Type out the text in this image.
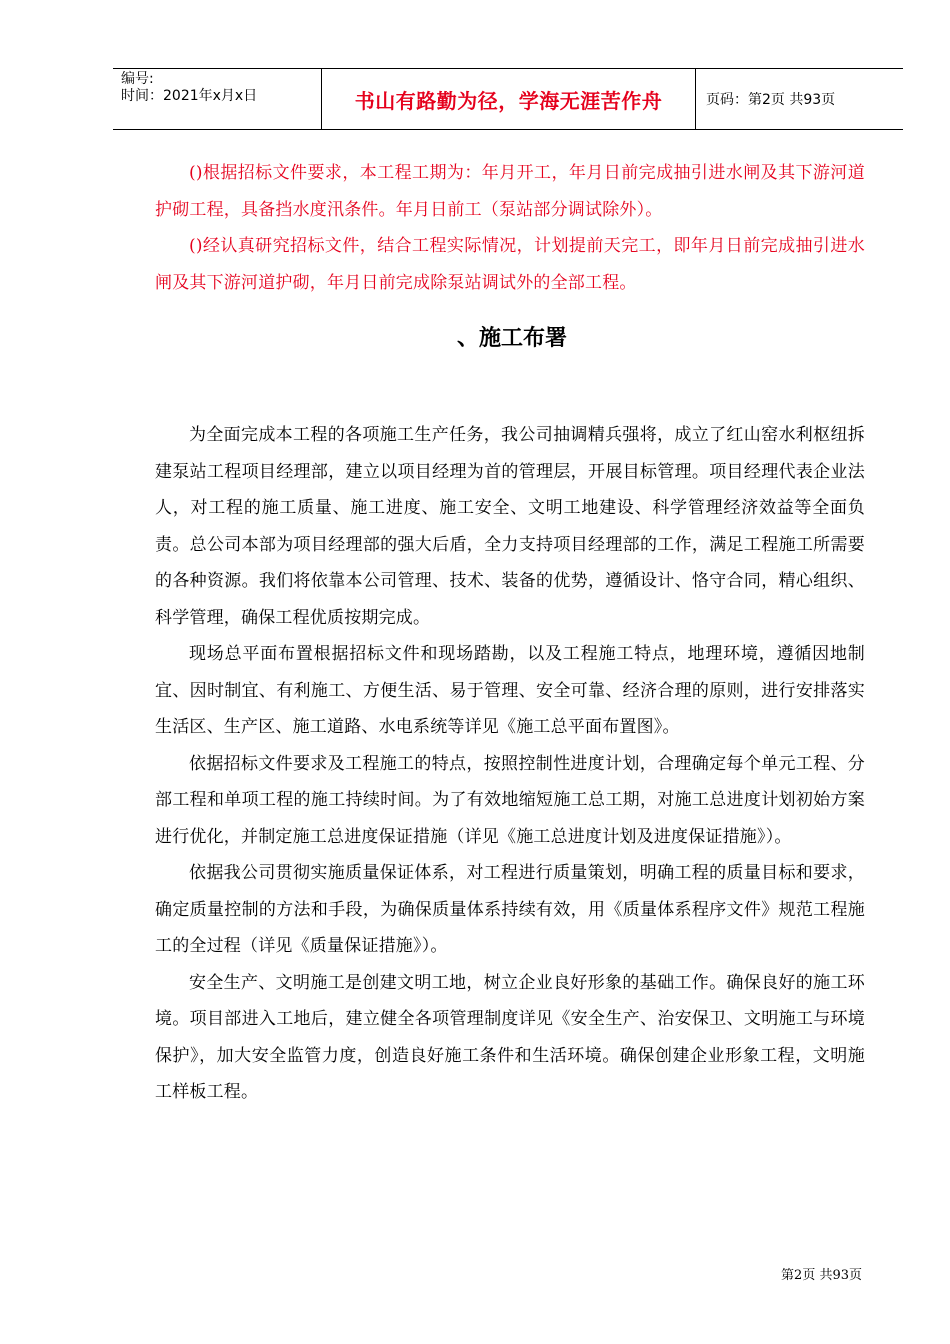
编号:
时间：2021年x月x日	书山有路勤为径，学海无涯苦作舟	页码：第2页 共93页

()根据招标文件要求，本工程工期为：年月开工，年月日前完成抽引进水闸及其下游河道护砌工程，具备挡水度汛条件。年月日前工（泵站部分调试除外）。

()经认真研究招标文件，结合工程实际情况，计划提前天完工，即年月日前完成抽引进水闸及其下游河道护砌，年月日前完成除泵站调试外的全部工程。

、施工布署

为全面完成本工程的各项施工生产任务，我公司抽调精兵强将，成立了红山窑水利枢纽拆建泵站工程项目经理部，建立以项目经理为首的管理层，开展目标管理。项目经理代表企业法人，对工程的施工质量、施工进度、施工安全、文明工地建设、科学管理经济效益等全面负责。总公司本部为项目经理部的强大后盾，全力支持项目经理部的工作，满足工程施工所需要的各种资源。我们将依靠本公司管理、技术、装备的优势，遵循设计、恪守合同，精心组织、科学管理，确保工程优质按期完成。

现场总平面布置根据招标文件和现场踏勘，以及工程施工特点，地理环境，遵循因地制宜、因时制宜、有利施工、方便生活、易于管理、安全可靠、经济合理的原则，进行安排落实生活区、生产区、施工道路、水电系统等详见《施工总平面布置图》。

依据招标文件要求及工程施工的特点，按照控制性进度计划，合理确定每个单元工程、分部工程和单项工程的施工持续时间。为了有效地缩短施工总工期，对施工总进度计划初始方案进行优化，并制定施工总进度保证措施（详见《施工总进度计划及进度保证措施》）。

依据我公司贯彻实施质量保证体系，对工程进行质量策划，明确工程的质量目标和要求，确定质量控制的方法和手段，为确保质量体系持续有效，用《质量体系程序文件》规范工程施工的全过程（详见《质量保证措施》）。

安全生产、文明施工是创建文明工地，树立企业良好形象的基础工作。确保良好的施工环境。项目部进入工地后，建立健全各项管理制度详见《安全生产、治安保卫、文明施工与环境保护》，加大安全监管力度，创造良好施工条件和生活环境。确保创建企业形象工程，文明施工样板工程。

第2页 共93页
